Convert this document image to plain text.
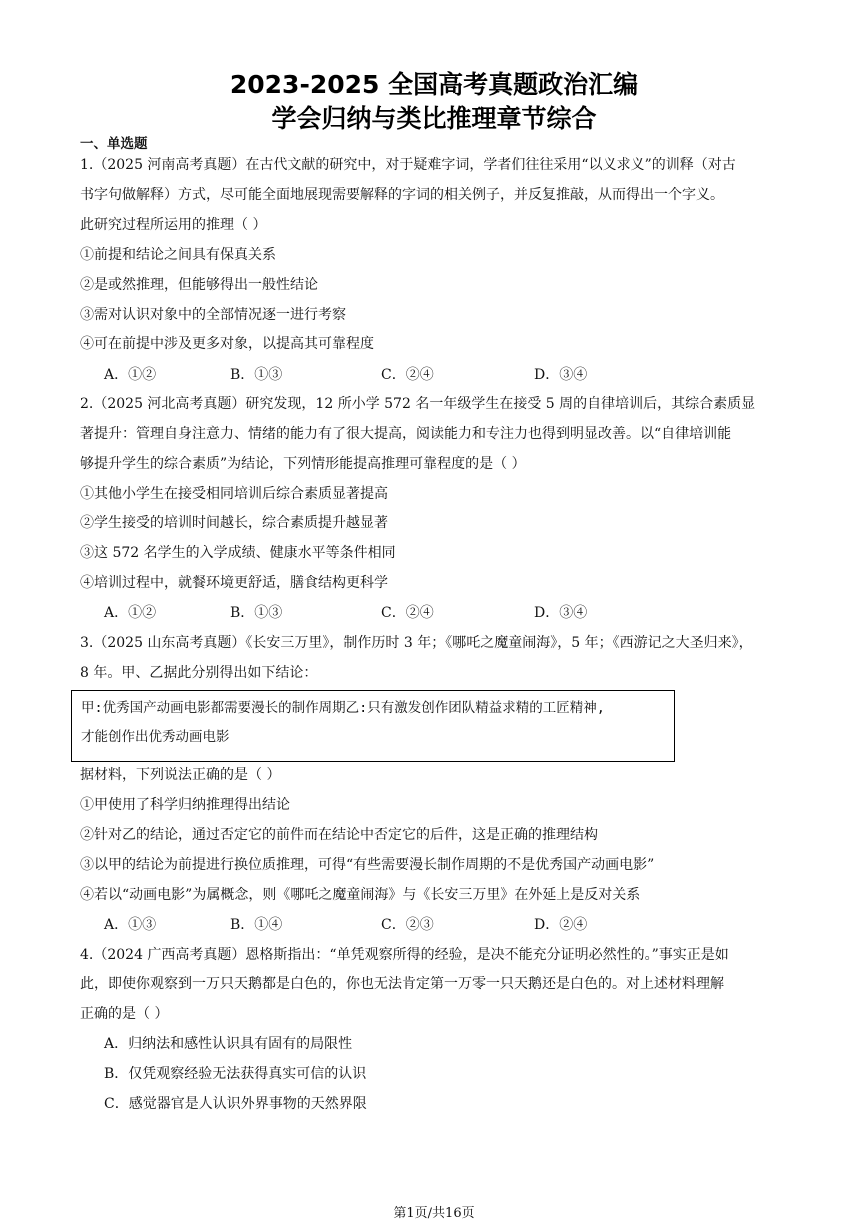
2023-2025 全国高考真题政治汇编
学会归纳与类比推理章节综合
一、单选题
1.（2025 河南高考真题）在古代文献的研究中，对于疑难字词，学者们往往采用“以义求义”的训释（对古
书字句做解释）方式，尽可能全面地展现需要解释的字词的相关例子，并反复推敲，从而得出一个字义。
此研究过程所运用的推理（ ）
①前提和结论之间具有保真关系
②是或然推理，但能够得出一般性结论
③需对认识对象中的全部情况逐一进行考察
④可在前提中涉及更多对象，以提高其可靠程度
A．①②	B．①③	C．②④	D．③④
2.（2025 河北高考真题）研究发现，12 所小学 572 名一年级学生在接受 5 周的自律培训后，其综合素质显
著提升：管理自身注意力、情绪的能力有了很大提高，阅读能力和专注力也得到明显改善。以“自律培训能
够提升学生的综合素质”为结论，下列情形能提高推理可靠程度的是（ ）
①其他小学生在接受相同培训后综合素质显著提高
②学生接受的培训时间越长，综合素质提升越显著
③这 572 名学生的入学成绩、健康水平等条件相同
④培训过程中，就餐环境更舒适，膳食结构更科学
A．①②	B．①③	C．②④	D．③④
3.（2025 山东高考真题）《长安三万里》，制作历时 3 年；《哪吒之魔童闹海》，5 年；《西游记之大圣归来》，
8 年。甲、乙据此分别得出如下结论：
甲:优秀国产动画电影都需要漫长的制作周期乙:只有激发创作团队精益求精的工匠精神,
才能创作出优秀动画电影
据材料，下列说法正确的是（ ）
①甲使用了科学归纳推理得出结论
②针对乙的结论，通过否定它的前件而在结论中否定它的后件，这是正确的推理结构
③以甲的结论为前提进行换位质推理，可得“有些需要漫长制作周期的不是优秀国产动画电影”
④若以“动画电影”为属概念，则《哪吒之魔童闹海》与《长安三万里》在外延上是反对关系
A．①③	B．①④	C．②③	D．②④
4.（2024 广西高考真题）恩格斯指出：“单凭观察所得的经验，是决不能充分证明必然性的。”事实正是如
此，即使你观察到一万只天鹅都是白色的，你也无法肯定第一万零一只天鹅还是白色的。对上述材料理解
正确的是（ ）
A．归纳法和感性认识具有固有的局限性
B．仅凭观察经验无法获得真实可信的认识
C．感觉器官是人认识外界事物的天然界限
第1页/共16页
